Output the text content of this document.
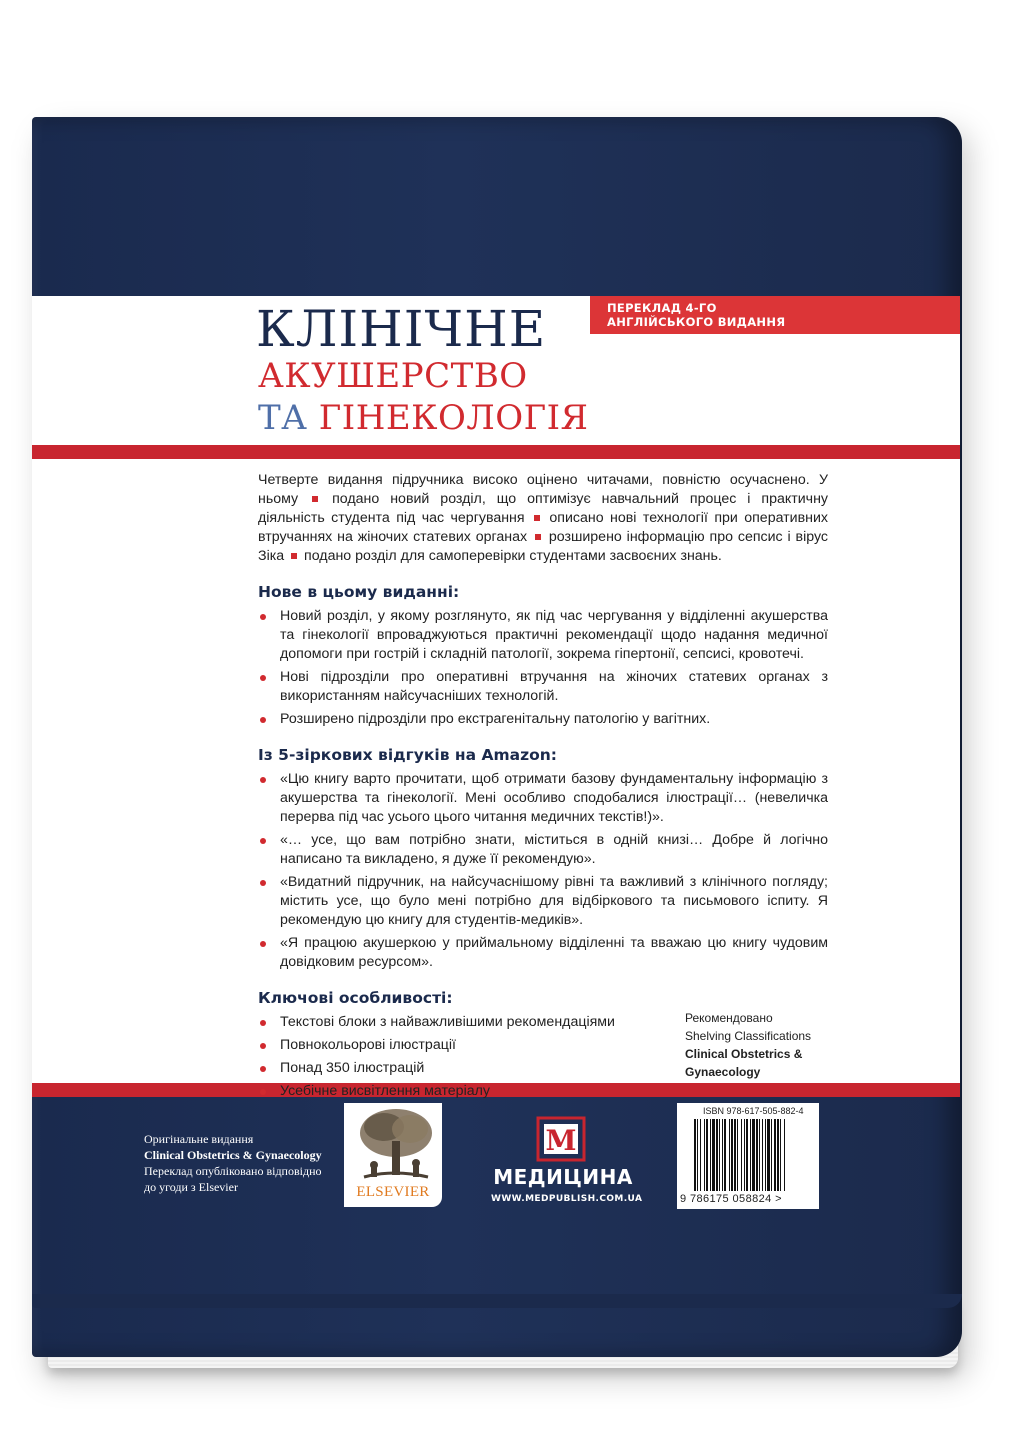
ПЕРЕКЛАД 4-ГО
АНГЛІЙСЬКОГО ВИДАННЯ
КЛІНІЧНЕ
АКУШЕРСТВО
ТА ГІНЕКОЛОГІЯ

Четверте видання підручника високо оцінено читачами, повністю осучаснено. У ньому подано новий розділ, що оптимізує навчальний процес і практичну діяльність студента під час чергування описано нові технології при оперативних втручаннях на жіночих статевих органах розширено інформацію про сепсис і вірус Зіка подано розділ для самоперевірки студентами засвоєних знань.

Нове в цьому виданні:
Новий розділ, у якому розглянуто, як під час чергування у відділенні акушерства та гінекології впроваджуються практичні рекомендації щодо надання медичної допомоги при гострій і складній патології, зокрема гіпертонії, сепсисі, кровотечі.
Нові підрозділи про оперативні втручання на жіночих статевих органах з використанням найсучасніших технологій.
Розширено підрозділи про екстрагенітальну патологію у вагітних.
Із 5-зіркових відгуків на Amazon:
«Цю книгу варто прочитати, щоб отримати базову фундаментальну інформацію з акушерства та гінекології. Мені особливо сподобалися ілюстрації… (невеличка перерва під час усього цього читання медичних текстів!)».
«… усе, що вам потрібно знати, міститься в одній книзі… Добре й логічно написано та викладено, я дуже її рекомендую».
«Видатний підручник, на найсучаснішому рівні та важливий з клінічного погляду; містить усе, що було мені потрібно для відбіркового та письмового іспиту. Я рекомендую цю книгу для студентів-медиків».
«Я працюю акушеркою у приймальному відділенні та вважаю цю книгу чудовим довідковим ресурсом».
Ключові особливості:
Текстові блоки з найважливішими рекомендаціями
Повнокольорові ілюстрації
Понад 350 ілюстрацій
Усебічне висвітлення матеріалу
Рекомендовано
Shelving Classifications
Clinical Obstetrics &
Gynaecology
Оригінальне видання
Clinical Obstetrics & Gynaecology
Переклад опубліковано відповідно
до угоди з Elsevier	ELSEVIER
M
МЕДИЦИНА
WWW.MEDPUBLISH.COM.UA
ISBN 978-617-505-882-4
9 786175 058824 >
